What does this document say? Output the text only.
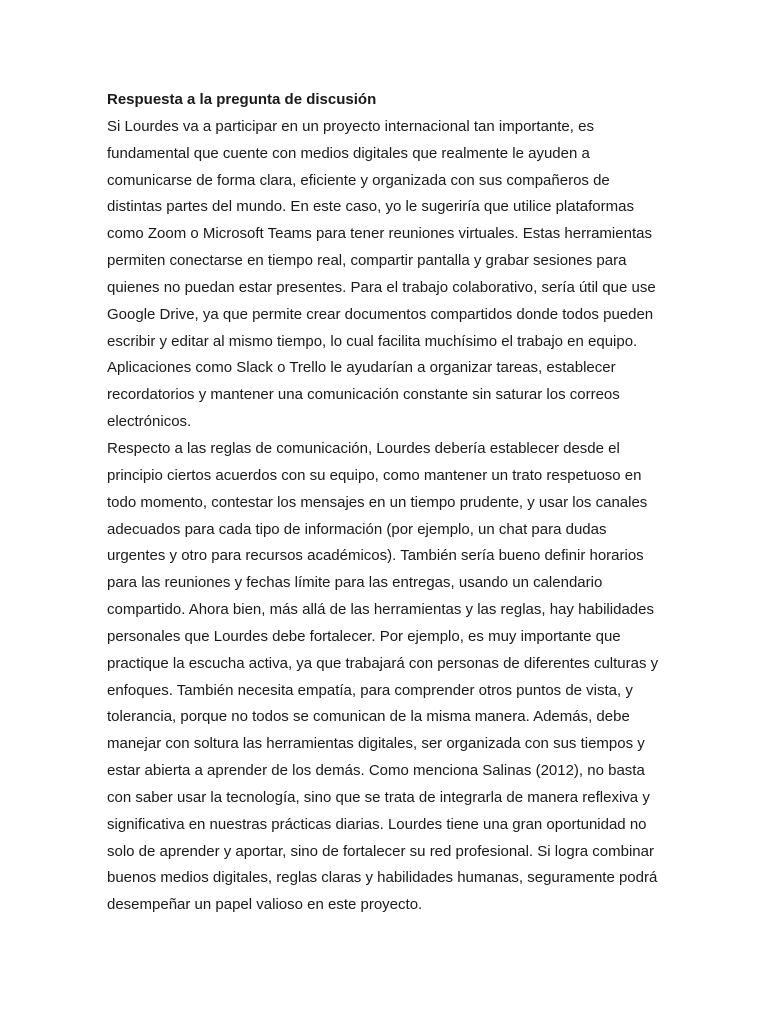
Respuesta a la pregunta de discusión
Si Lourdes va a participar en un proyecto internacional tan importante, es
fundamental que cuente con medios digitales que realmente le ayuden a
comunicarse de forma clara, eficiente y organizada con sus compañeros de
distintas partes del mundo. En este caso, yo le sugeriría que utilice plataformas
como Zoom o Microsoft Teams para tener reuniones virtuales. Estas herramientas
permiten conectarse en tiempo real, compartir pantalla y grabar sesiones para
quienes no puedan estar presentes. Para el trabajo colaborativo, sería útil que use
Google Drive, ya que permite crear documentos compartidos donde todos pueden
escribir y editar al mismo tiempo, lo cual facilita muchísimo el trabajo en equipo.
Aplicaciones como Slack o Trello le ayudarían a organizar tareas, establecer
recordatorios y mantener una comunicación constante sin saturar los correos
electrónicos.
Respecto a las reglas de comunicación, Lourdes debería establecer desde el
principio ciertos acuerdos con su equipo, como mantener un trato respetuoso en
todo momento, contestar los mensajes en un tiempo prudente, y usar los canales
adecuados para cada tipo de información (por ejemplo, un chat para dudas
urgentes y otro para recursos académicos). También sería bueno definir horarios
para las reuniones y fechas límite para las entregas, usando un calendario
compartido. Ahora bien, más allá de las herramientas y las reglas, hay habilidades
personales que Lourdes debe fortalecer. Por ejemplo, es muy importante que
practique la escucha activa, ya que trabajará con personas de diferentes culturas y
enfoques. También necesita empatía, para comprender otros puntos de vista, y
tolerancia, porque no todos se comunican de la misma manera. Además, debe
manejar con soltura las herramientas digitales, ser organizada con sus tiempos y
estar abierta a aprender de los demás. Como menciona Salinas (2012), no basta
con saber usar la tecnología, sino que se trata de integrarla de manera reflexiva y
significativa en nuestras prácticas diarias. Lourdes tiene una gran oportunidad no
solo de aprender y aportar, sino de fortalecer su red profesional. Si logra combinar
buenos medios digitales, reglas claras y habilidades humanas, seguramente podrá
desempeñar un papel valioso en este proyecto.
